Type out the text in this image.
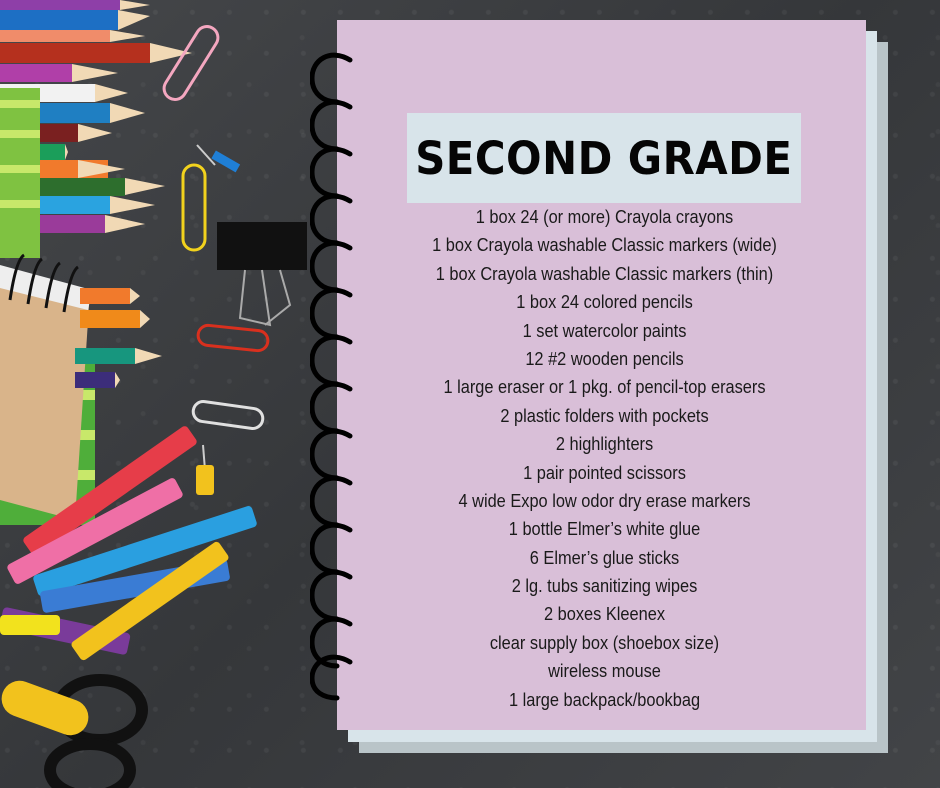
SECOND GRADE
1 box 24 (or more) Crayola crayons
1 box Crayola washable Classic markers (wide)
1 box Crayola washable Classic markers (thin)
1 box 24 colored pencils
1 set watercolor paints
12 #2 wooden pencils
1 large eraser or 1 pkg. of pencil-top erasers
2 plastic folders with pockets
2 highlighters
1 pair pointed scissors
4 wide Expo low odor dry erase markers
1 bottle Elmer’s white glue
6 Elmer’s glue sticks
2 lg. tubs sanitizing wipes
2 boxes Kleenex
clear supply box (shoebox size)
wireless mouse
1 large backpack/bookbag
